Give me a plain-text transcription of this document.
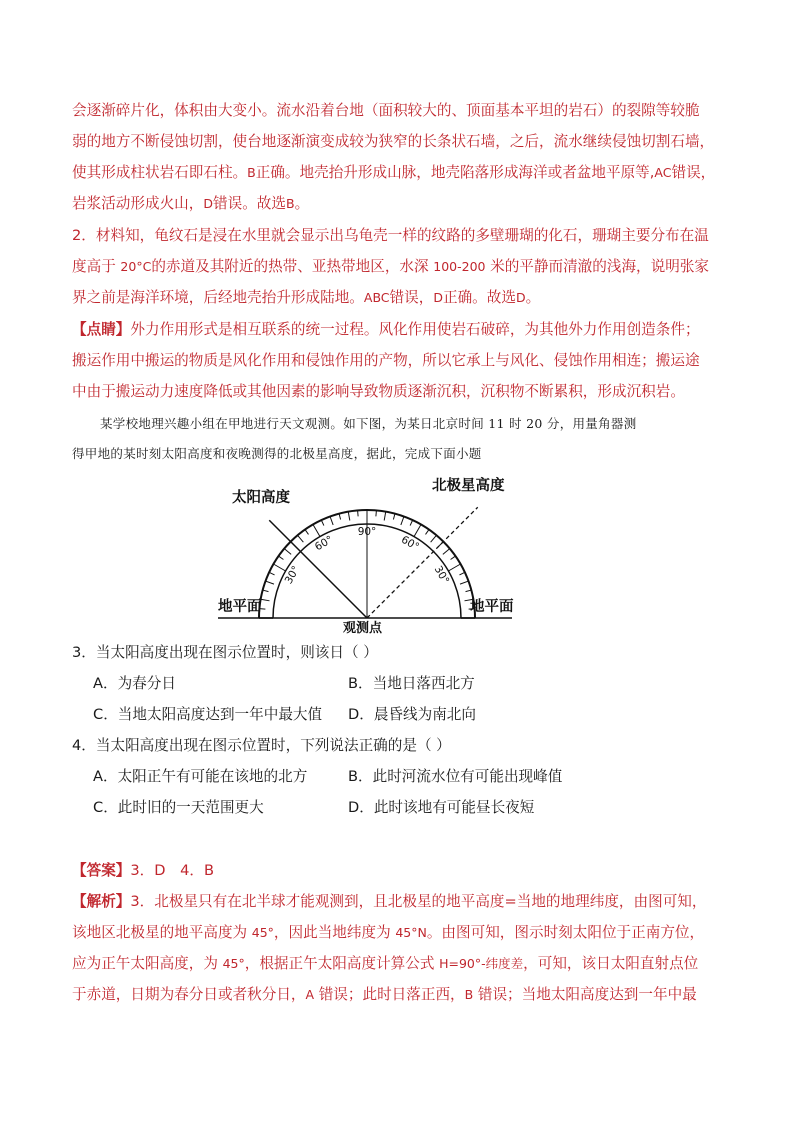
会逐渐碎片化，体积由大变小。流水沿着台地（面积较大的、顶面基本平坦的岩石）的裂隙等较脆
弱的地方不断侵蚀切割，使台地逐渐演变成较为狭窄的长条状石墙，之后，流水继续侵蚀切割石墙，
使其形成柱状岩石即石柱。B正确。地壳抬升形成山脉，地壳陷落形成海洋或者盆地平原等,AC错误，
岩浆活动形成火山，D错误。故选B。
2．材料知，龟纹石是浸在水里就会显示出乌龟壳一样的纹路的多壁珊瑚的化石，珊瑚主要分布在温
度高于 20°C的赤道及其附近的热带、亚热带地区，水深 100-200 米的平静而清澈的浅海，说明张家
界之前是海洋环境，后经地壳抬升形成陆地。ABC错误，D正确。故选D。
【点睛】外力作用形式是相互联系的统一过程。风化作用使岩石破碎，为其他外力作用创造条件；
搬运作用中搬运的物质是风化作用和侵蚀作用的产物，所以它承上与风化、侵蚀作用相连；搬运途
中由于搬运动力速度降低或其他因素的影响导致物质逐渐沉积，沉积物不断累积，形成沉积岩。
某学校地理兴趣小组在甲地进行天文观测。如下图，为某日北京时间 11 时 20 分，用量角器测
得甲地的某时刻太阳高度和夜晚测得的北极星高度，据此，完成下面小题
太阳高度
北极星高度
地平面	地平面
观测点
90°
60°	60°
30°	30°
3．当太阳高度出现在图示位置时，则该日（ ）
A．为春分日	B．当地日落西北方
C．当地太阳高度达到一年中最大值 D．晨昏线为南北向
4．当太阳高度出现在图示位置时，下列说法正确的是（ ）
A．太阳正午有可能在该地的北方	B．此时河流水位有可能出现峰值
C．此时旧的一天范围更大	D．此时该地有可能昼长夜短
【答案】3．D　4．B
【解析】3．北极星只有在北半球才能观测到，且北极星的地平高度=当地的地理纬度，由图可知，
该地区北极星的地平高度为 45°，因此当地纬度为 45°N。由图可知，图示时刻太阳位于正南方位，
应为正午太阳高度，为 45°，根据正午太阳高度计算公式 H=90°-纬度差，可知，该日太阳直射点位
于赤道，日期为春分日或者秋分日，A 错误；此时日落正西，B 错误；当地太阳高度达到一年中最
